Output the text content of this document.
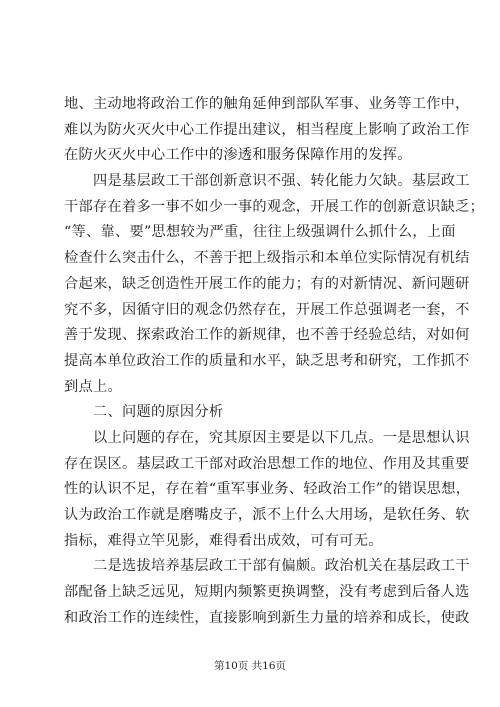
地、主动地将政治工作的触角延伸到部队军事、业务等工作中，
难以为防火灭火中心工作提出建议，相当程度上影响了政治工作
在防火灭火中心工作中的渗透和服务保障作用的发挥。
四是基层政工干部创新意识不强、转化能力欠缺。基层政工
干部存在着多一事不如少一事的观念，开展工作的创新意识缺乏；
“等、靠、要”思想较为严重，往往上级强调什么抓什么，上面
检查什么突击什么，不善于把上级指示和本单位实际情况有机结
合起来，缺乏创造性开展工作的能力；有的对新情况、新问题研
究不多，因循守旧的观念仍然存在，开展工作总强调老一套，不
善于发现、探索政治工作的新规律，也不善于经验总结，对如何
提高本单位政治工作的质量和水平，缺乏思考和研究，工作抓不
到点上。
二、问题的原因分析
以上问题的存在，究其原因主要是以下几点。一是思想认识
存在误区。基层政工干部对政治思想工作的地位、作用及其重要
性的认识不足，存在着“重军事业务、轻政治工作”的错误思想，
认为政治工作就是磨嘴皮子，派不上什么大用场，是软任务、软
指标，难得立竿见影，难得看出成效，可有可无。
二是选拔培养基层政工干部有偏颇。政治机关在基层政工干
部配备上缺乏远见，短期内频繁更换调整，没有考虑到后备人选
和政治工作的连续性，直接影响到新生力量的培养和成长，使政
第10页 共16页
